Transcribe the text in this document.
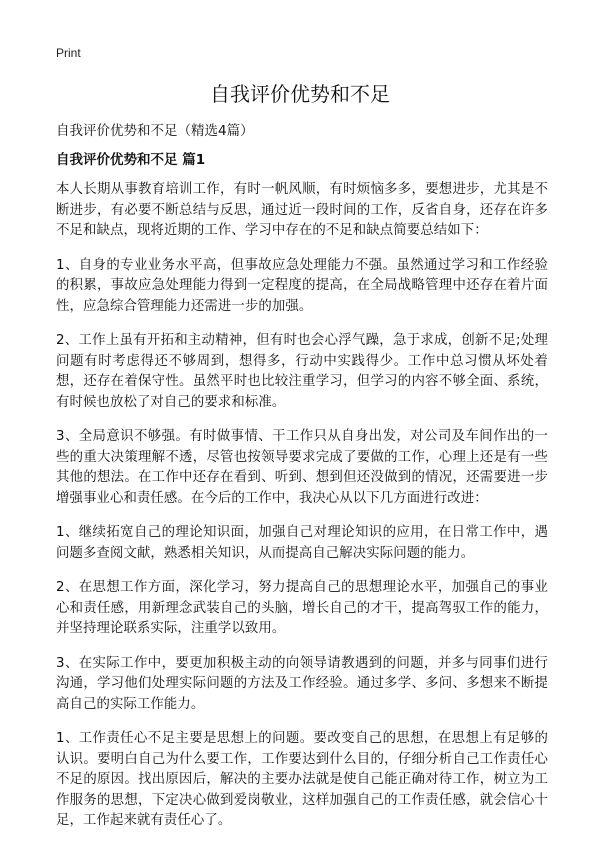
Print
自我评价优势和不足

自我评价优势和不足（精选4篇）

自我评价优势和不足 篇1

本人长期从事教育培训工作，有时一帆风顺，有时烦恼多多，要想进步，尤其是不断进步，有必要不断总结与反思，通过近一段时间的工作，反省自身，还存在许多不足和缺点，现将近期的工作、学习中存在的不足和缺点简要总结如下：

1、自身的专业业务水平高，但事故应急处理能力不强。虽然通过学习和工作经验的积累，事故应急处理能力得到一定程度的提高，在全局战略管理中还存在着片面性，应急综合管理能力还需进一步的加强。

2、工作上虽有开拓和主动精神，但有时也会心浮气躁，急于求成，创新不足;处理问题有时考虑得还不够周到，想得多，行动中实践得少。工作中总习惯从坏处着想，还存在着保守性。虽然平时也比较注重学习，但学习的内容不够全面、系统，有时候也放松了对自己的要求和标准。

3、全局意识不够强。有时做事情、干工作只从自身出发，对公司及车间作出的一些的重大决策理解不透，尽管也按领导要求完成了要做的工作，心理上还是有一些其他的想法。在工作中还存在看到、听到、想到但还没做到的情况，还需要进一步增强事业心和责任感。在今后的工作中，我决心从以下几方面进行改进：

1、继续拓宽自己的理论知识面，加强自己对理论知识的应用，在日常工作中，遇问题多查阅文献，熟悉相关知识，从而提高自己解决实际问题的能力。

2、在思想工作方面，深化学习，努力提高自己的思想理论水平，加强自己的事业心和责任感，用新理念武装自己的头脑，增长自己的才干，提高驾驭工作的能力，并坚持理论联系实际，注重学以致用。

3、在实际工作中，要更加积极主动的向领导请教遇到的问题，并多与同事们进行沟通，学习他们处理实际问题的方法及工作经验。通过多学、多问、多想来不断提高自己的实际工作能力。

1、工作责任心不足主要是思想上的问题。要改变自己的思想，在思想上有足够的认识。要明白自己为什么要工作，工作要达到什么目的，仔细分析自己工作责任心不足的原因。找出原因后，解决的主要办法就是使自己能正确对待工作，树立为工作服务的思想，下定决心做到爱岗敬业，这样加强自己的工作责任感，就会信心十足，工作起来就有责任心了。
